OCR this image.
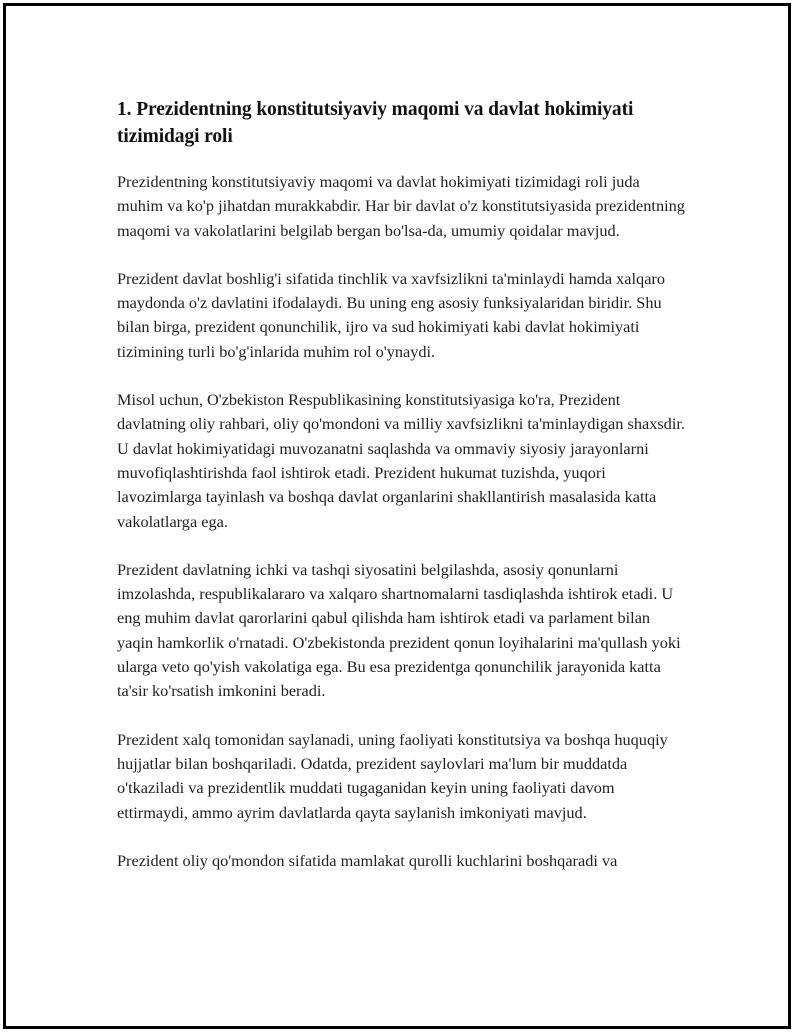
1. Prezidentning konstitutsiyaviy maqomi va davlat hokimiyati tizimidagi roli

Prezidentning konstitutsiyaviy maqomi va davlat hokimiyati tizimidagi roli juda muhim va ko'p jihatdan murakkabdir. Har bir davlat o'z konstitutsiyasida prezidentning maqomi va vakolatlarini belgilab bergan bo'lsa-da, umumiy qoidalar mavjud.

Prezident davlat boshlig'i sifatida tinchlik va xavfsizlikni ta'minlaydi hamda xalqaro maydonda o'z davlatini ifodalaydi. Bu uning eng asosiy funksiyalaridan biridir. Shu bilan birga, prezident qonunchilik, ijro va sud hokimiyati kabi davlat hokimiyati tizimining turli bo'g'inlarida muhim rol o'ynaydi.

Misol uchun, O'zbekiston Respublikasining konstitutsiyasiga ko'ra, Prezident davlatning oliy rahbari, oliy qo'mondoni va milliy xavfsizlikni ta'minlaydigan shaxsdir. U davlat hokimiyatidagi muvozanatni saqlashda va ommaviy siyosiy jarayonlarni muvofiqlashtirishda faol ishtirok etadi. Prezident hukumat tuzishda, yuqori lavozimlarga tayinlash va boshqa davlat organlarini shakllantirish masalasida katta vakolatlarga ega.

Prezident davlatning ichki va tashqi siyosatini belgilashda, asosiy qonunlarni imzolashda, respublikalararo va xalqaro shartnomalarni tasdiqlashda ishtirok etadi. U eng muhim davlat qarorlarini qabul qilishda ham ishtirok etadi va parlament bilan yaqin hamkorlik o'rnatadi. O'zbekistonda prezident qonun loyihalarini ma'qullash yoki ularga veto qo'yish vakolatiga ega. Bu esa prezidentga qonunchilik jarayonida katta ta'sir ko'rsatish imkonini beradi.

Prezident xalq tomonidan saylanadi, uning faoliyati konstitutsiya va boshqa huquqiy hujjatlar bilan boshqariladi. Odatda, prezident saylovlari ma'lum bir muddatda o'tkaziladi va prezidentlik muddati tugaganidan keyin uning faoliyati davom ettirmaydi, ammo ayrim davlatlarda qayta saylanish imkoniyati mavjud.

Prezident oliy qo'mondon sifatida mamlakat qurolli kuchlarini boshqaradi va
